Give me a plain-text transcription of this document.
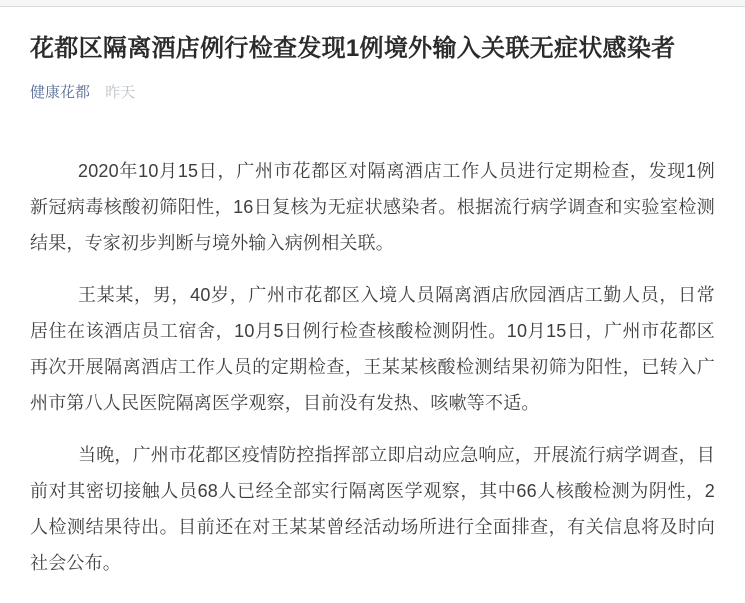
花都区隔离酒店例行检查发现1例境外输入关联无症状感染者
健康花都 昨天

2020年10月15日，广州市花都区对隔离酒店工作人员进行定期检查，发现1例新冠病毒核酸初筛阳性，16日复核为无症状感染者。根据流行病学调查和实验室检测结果，专家初步判断与境外输入病例相关联。

王某某，男，40岁，广州市花都区入境人员隔离酒店欣园酒店工勤人员，日常居住在该酒店员工宿舍，10月5日例行检查核酸检测阴性。10月15日，广州市花都区再次开展隔离酒店工作人员的定期检查，王某某核酸检测结果初筛为阳性，已转入广州市第八人民医院隔离医学观察，目前没有发热、咳嗽等不适。

当晚，广州市花都区疫情防控指挥部立即启动应急响应，开展流行病学调查，目前对其密切接触人员68人已经全部实行隔离医学观察，其中66人核酸检测为阴性，2人检测结果待出。目前还在对王某某曾经活动场所进行全面排查，有关信息将及时向社会公布。
